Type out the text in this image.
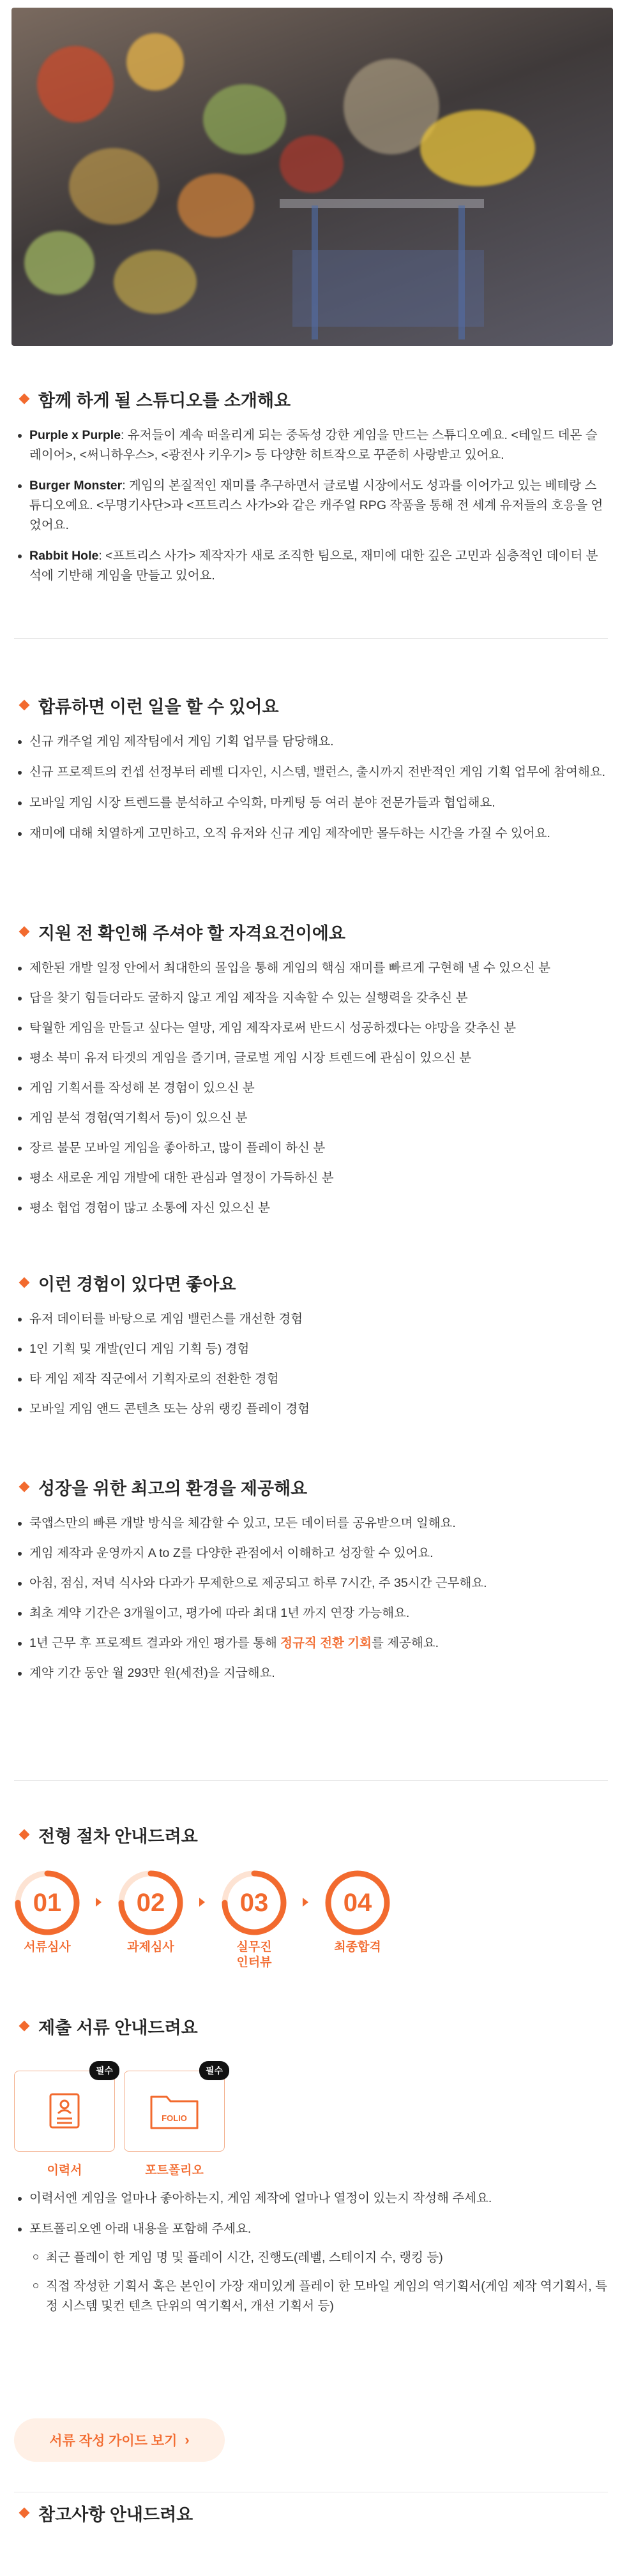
함께 하게 될 스튜디오를 소개해요
Purple x Purple: 유저들이 계속 떠올리게 되는 중독성 강한 게임을 만드는 스튜디오예요. <테일드 데몬 슬레이어>, <써니하우스>, <광전사 키우기> 등 다양한 히트작으로 꾸준히 사랑받고 있어요.
Burger Monster: 게임의 본질적인 재미를 추구하면서 글로벌 시장에서도 성과를 이어가고 있는 베테랑 스튜디오예요. <무명기사단>과 <프트리스 사가>와 같은 캐주얼 RPG 작품을 통해 전 세계 유저들의 호응을 얻었어요.
Rabbit Hole: <프트리스 사가> 제작자가 새로 조직한 팀으로, 재미에 대한 깊은 고민과 심층적인 데이터 분석에 기반해 게임을 만들고 있어요.
합류하면 이런 일을 할 수 있어요
신규 캐주얼 게임 제작팀에서 게임 기획 업무를 담당해요.
신규 프로젝트의 컨셉 선정부터 레벨 디자인, 시스템, 밸런스, 출시까지 전반적인 게임 기획 업무에 참여해요.
모바일 게임 시장 트렌드를 분석하고 수익화, 마케팅 등 여러 분야 전문가들과 협업해요.
재미에 대해 치열하게 고민하고, 오직 유저와 신규 게임 제작에만 몰두하는 시간을 가질 수 있어요.
지원 전 확인해 주셔야 할 자격요건이에요
제한된 개발 일정 안에서 최대한의 몰입을 통해 게임의 핵심 재미를 빠르게 구현해 낼 수 있으신 분
답을 찾기 힘들더라도 굴하지 않고 게임 제작을 지속할 수 있는 실행력을 갖추신 분
탁월한 게임을 만들고 싶다는 열망, 게임 제작자로써 반드시 성공하겠다는 야망을 갖추신 분
평소 북미 유저 타겟의 게임을 즐기며, 글로벌 게임 시장 트렌드에 관심이 있으신 분
게임 기획서를 작성해 본 경험이 있으신 분
게임 분석 경험(역기획서 등)이 있으신 분
장르 불문 모바일 게임을 좋아하고, 많이 플레이 하신 분
평소 새로운 게임 개발에 대한 관심과 열정이 가득하신 분
평소 협업 경험이 많고 소통에 자신 있으신 분
이런 경험이 있다면 좋아요
유저 데이터를 바탕으로 게임 밸런스를 개선한 경험
1인 기획 및 개발(인디 게임 기획 등) 경험
타 게임 제작 직군에서 기획자로의 전환한 경험
모바일 게임 앤드 콘텐츠 또는 상위 랭킹 플레이 경험
성장을 위한 최고의 환경을 제공해요
쿡앱스만의 빠른 개발 방식을 체감할 수 있고, 모든 데이터를 공유받으며 일해요.
게임 제작과 운영까지 A to Z를 다양한 관점에서 이해하고 성장할 수 있어요.
아침, 점심, 저녁 식사와 다과가 무제한으로 제공되고 하루 7시간, 주 35시간 근무해요.
최초 계약 기간은 3개월이고, 평가에 따라 최대 1년 까지 연장 가능해요.
1년 근무 후 프로젝트 결과와 개인 평가를 통해 정규직 전환 기회를 제공해요.
계약 기간 동안 월 293만 원(세전)을 지급해요.
전형 절차 안내드려요
01
서류심사
02
과제심사
03
실무진 인터뷰
04
최종합격
제출 서류 안내드려요
필수
이력서
필수
FOLIO
포트폴리오
이력서엔 게임을 얼마나 좋아하는지, 게임 제작에 얼마나 열정이 있는지 작성해 주세요.
포트폴리오엔 아래 내용을 포함해 주세요.
최근 플레이 한 게임 명 및 플레이 시간, 진행도(레벨, 스테이지 수, 랭킹 등)
직접 작성한 기획서 혹은 본인이 가장 재미있게 플레이 한 모바일 게임의 역기획서(게임 제작 역기획서, 특정 시스템 및컨 텐츠 단위의 역기획서, 개선 기획서 등)
서류 작성 가이드 보기 ›
참고사항 안내드려요
